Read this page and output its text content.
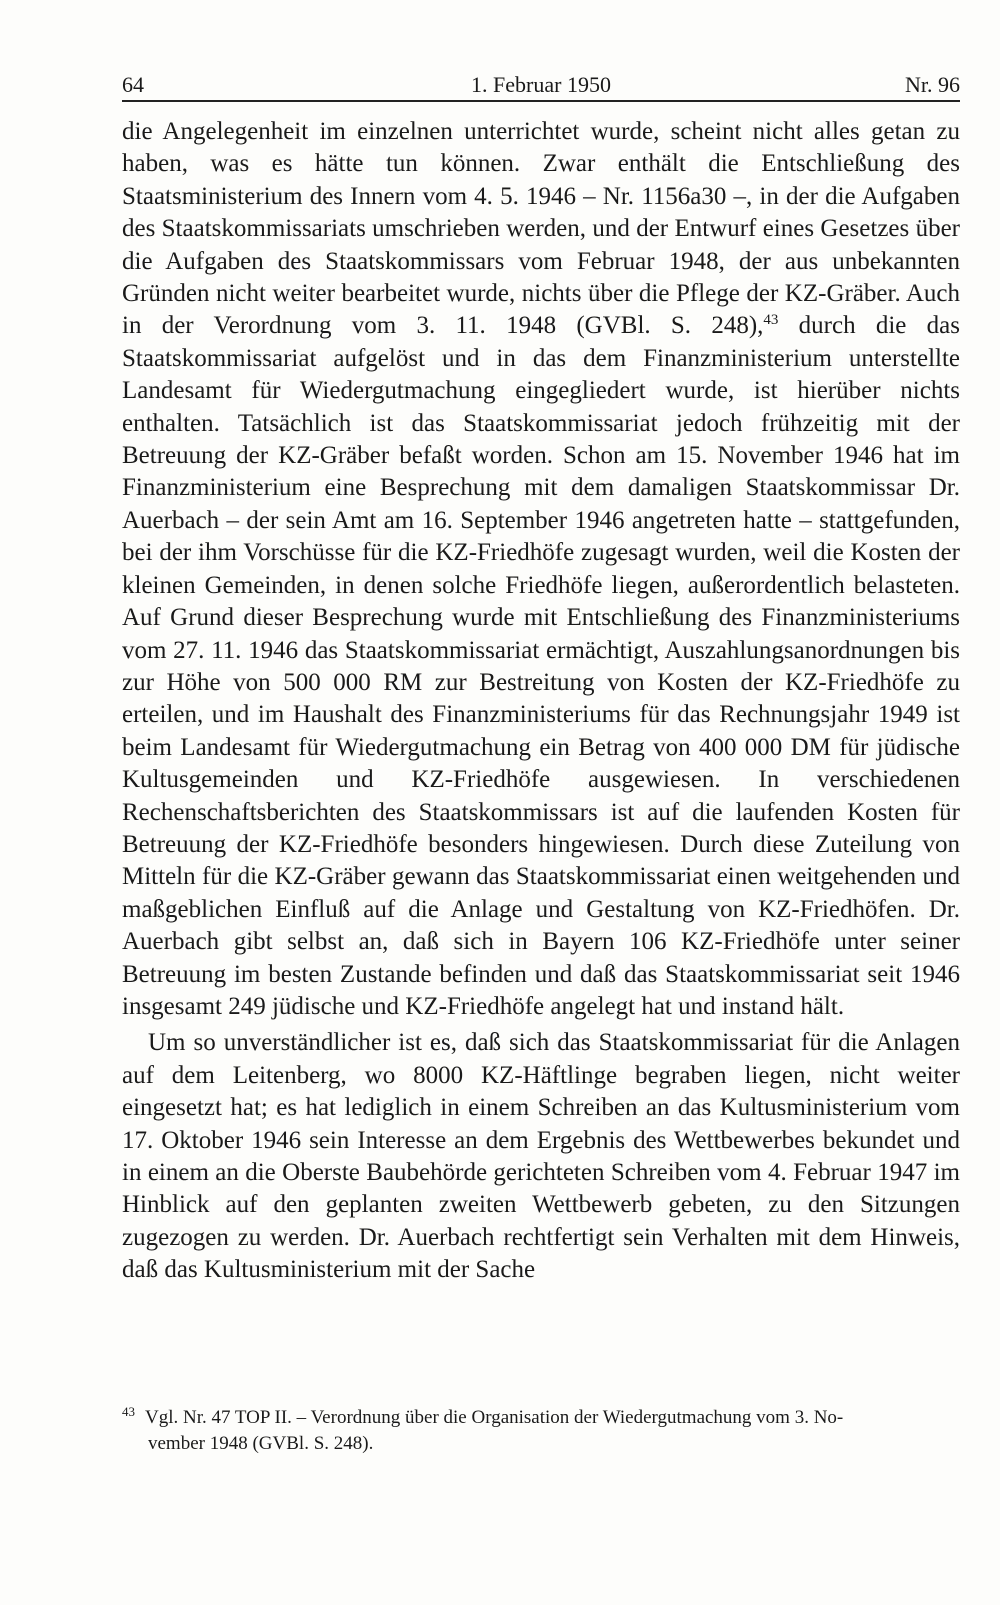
64	1. Februar 1950	Nr. 96

die Angelegenheit im einzelnen unterrichtet wurde, scheint nicht alles getan zu haben, was es hätte tun können. Zwar enthält die Entschließung des Staatsministerium des Innern vom 4. 5. 1946 – Nr. 1156a30 –, in der die Aufgaben des Staatskommissariats umschrieben werden, und der Entwurf eines Gesetzes über die Aufgaben des Staatskommissars vom Februar 1948, der aus unbekannten Gründen nicht weiter bearbeitet wurde, nichts über die Pflege der KZ-Gräber. Auch in der Verordnung vom 3. 11. 1948 (GVBl. S. 248),$^{43}$ durch die das Staatskommissariat aufgelöst und in das dem Finanzministerium unterstellte Landesamt für Wiedergutmachung eingegliedert wurde, ist hierüber nichts enthalten. Tatsächlich ist das Staatskommissariat jedoch frühzeitig mit der Betreuung der KZ-Gräber befaßt worden. Schon am 15. November 1946 hat im Finanzministerium eine Besprechung mit dem damaligen Staatskommissar Dr. Auerbach – der sein Amt am 16. September 1946 angetreten hatte – stattgefunden, bei der ihm Vorschüsse für die KZ-Friedhöfe zugesagt wurden, weil die Kosten der kleinen Gemeinden, in denen solche Friedhöfe liegen, außerordentlich belasteten. Auf Grund dieser Besprechung wurde mit Entschließung des Finanzministeriums vom 27. 11. 1946 das Staatskommissariat ermächtigt, Auszahlungsanordnungen bis zur Höhe von 500 000 RM zur Bestreitung von Kosten der KZ-Friedhöfe zu erteilen, und im Haushalt des Finanzministeriums für das Rechnungsjahr 1949 ist beim Landesamt für Wiedergutmachung ein Betrag von 400 000 DM für jüdische Kultusgemeinden und KZ-Friedhöfe ausgewiesen. In verschiedenen Rechenschaftsberichten des Staatskommissars ist auf die laufenden Kosten für Betreuung der KZ-Friedhöfe besonders hingewiesen. Durch diese Zuteilung von Mitteln für die KZ-Gräber gewann das Staatskommissariat einen weitgehenden und maßgeblichen Einfluß auf die Anlage und Gestaltung von KZ-Friedhöfen. Dr. Auerbach gibt selbst an, daß sich in Bayern 106 KZ-Friedhöfe unter seiner Betreuung im besten Zustande befinden und daß das Staatskommissariat seit 1946 insgesamt 249 jüdische und KZ-Friedhöfe angelegt hat und instand hält.

Um so unverständlicher ist es, daß sich das Staatskommissariat für die Anlagen auf dem Leitenberg, wo 8000 KZ-Häftlinge begraben liegen, nicht weiter eingesetzt hat; es hat lediglich in einem Schreiben an das Kultusministerium vom 17. Oktober 1946 sein Interesse an dem Ergebnis des Wettbewerbes bekundet und in einem an die Oberste Baubehörde gerichteten Schreiben vom 4. Februar 1947 im Hinblick auf den geplanten zweiten Wettbewerb gebeten, zu den Sitzungen zugezogen zu werden. Dr. Auerbach rechtfertigt sein Verhalten mit dem Hinweis, daß das Kultusministerium mit der Sache

$^{43}$ Vgl. Nr. 47 TOP II. – Verordnung über die Organisation der Wiedergutmachung vom 3. No-
vember 1948 (GVBl. S. 248).
